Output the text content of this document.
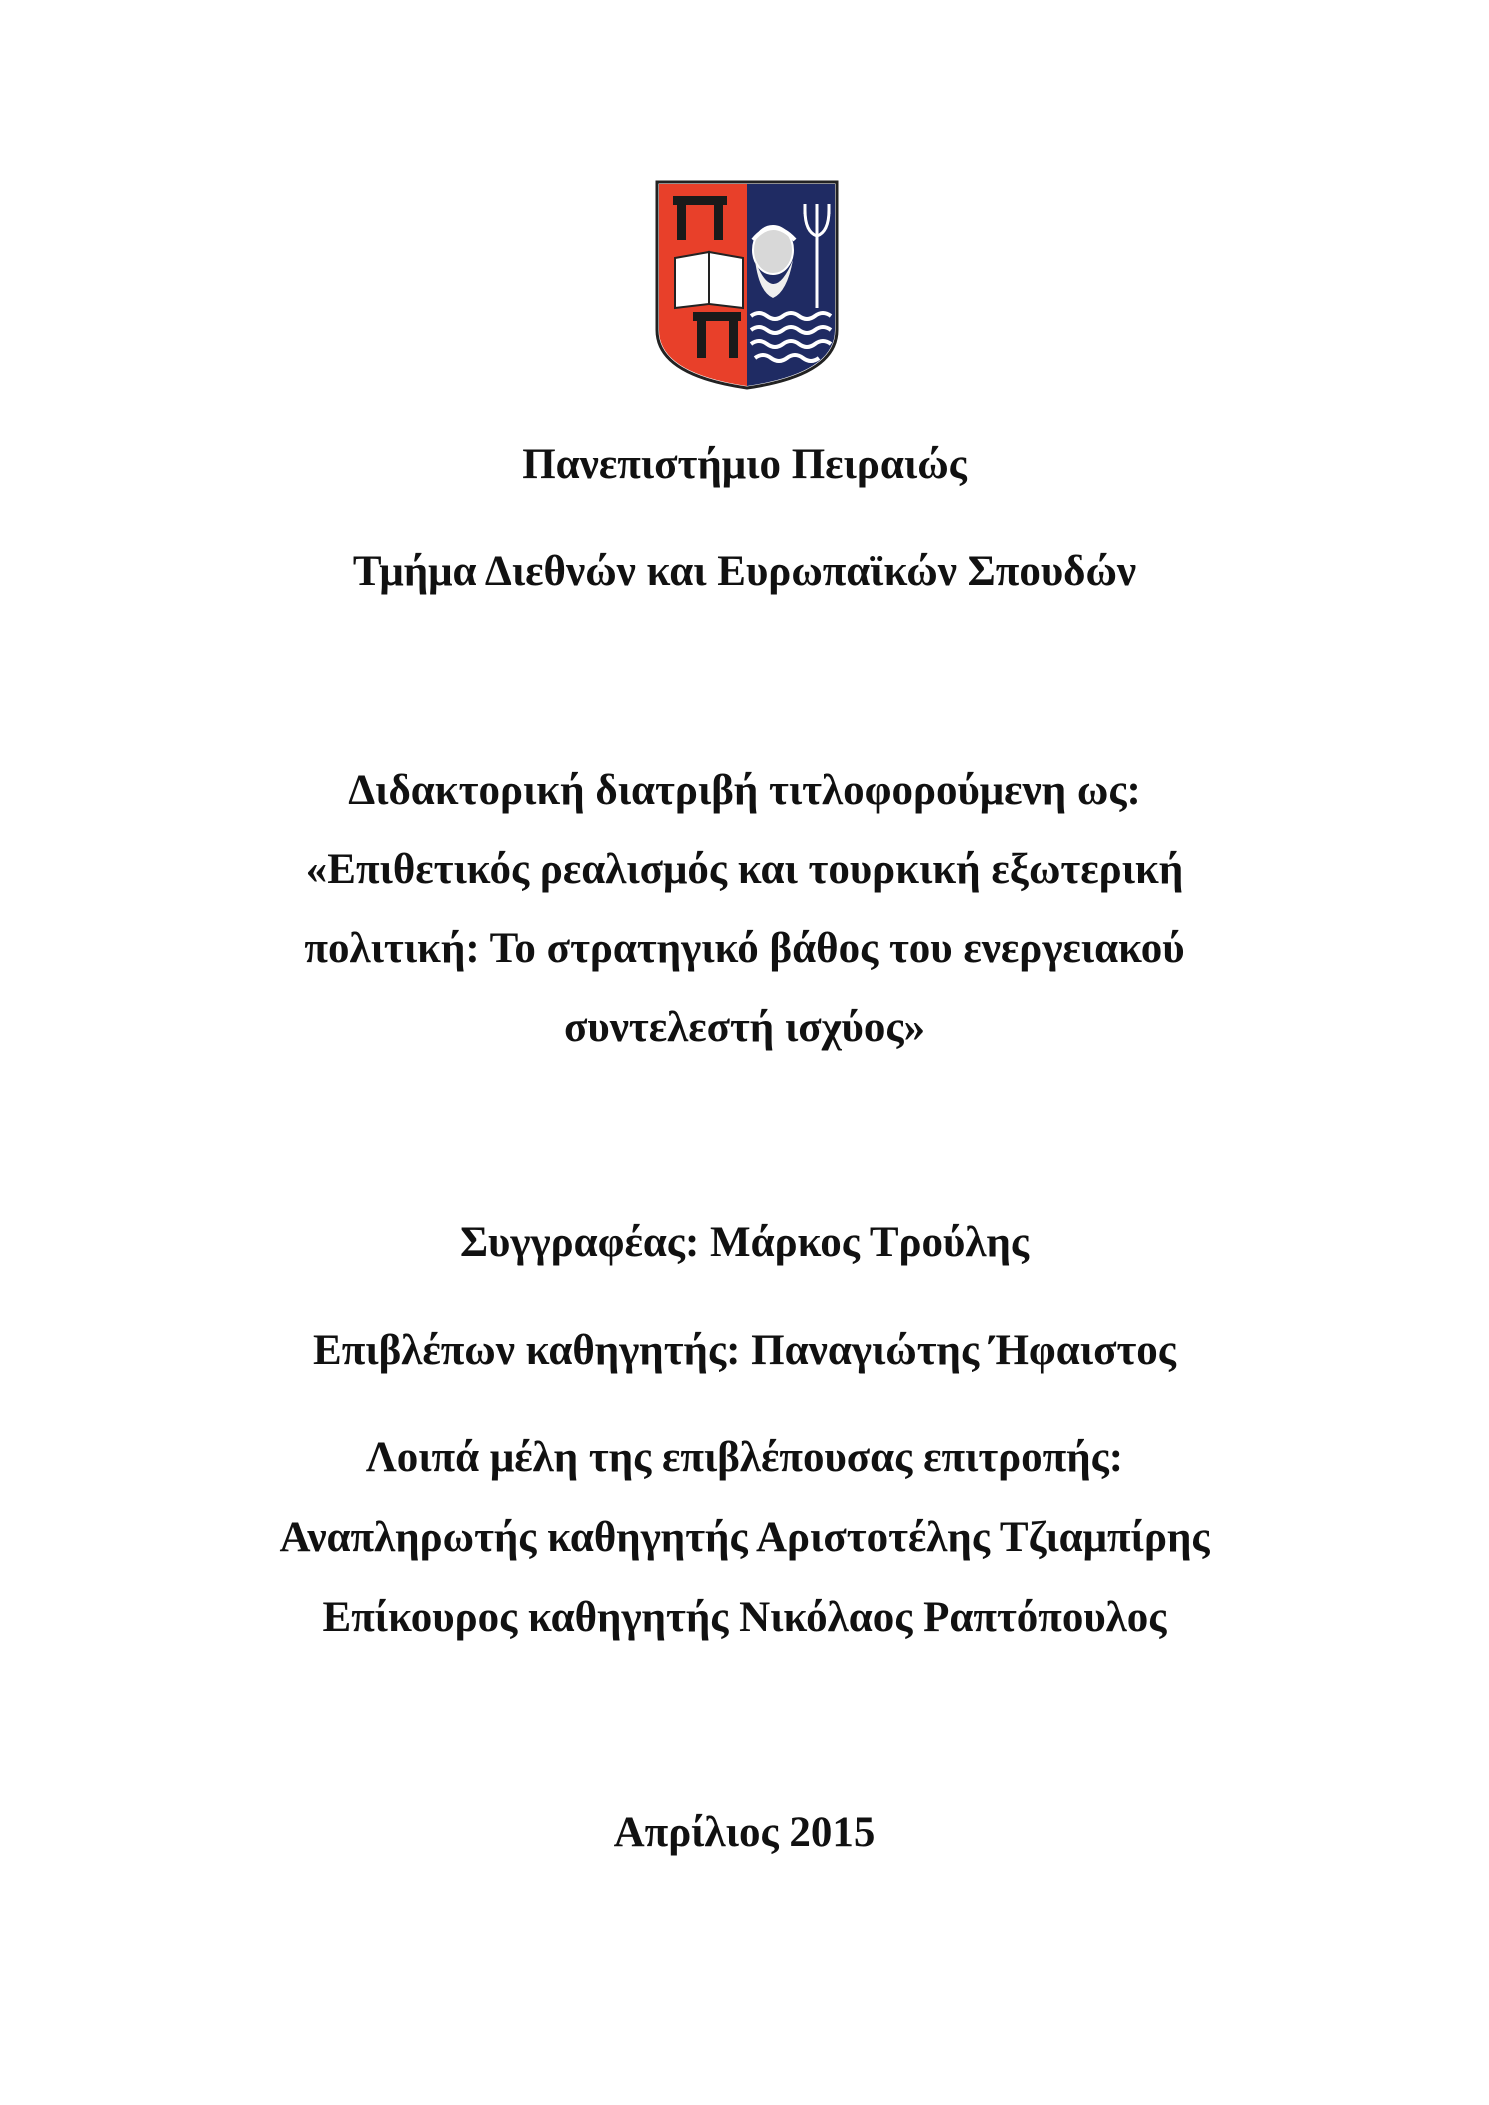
Πανεπιστήμιο Πειραιώς
Τμήμα Διεθνών και Ευρωπαϊκών Σπουδών
Διδακτορική διατριβή τιτλοφορούμενη ως:
«Επιθετικός ρεαλισμός και τουρκική εξωτερική
πολιτική: Το στρατηγικό βάθος του ενεργειακού
συντελεστή ισχύος»
Συγγραφέας: Μάρκος Τρούλης
Επιβλέπων καθηγητής: Παναγιώτης Ήφαιστος
Λοιπά μέλη της επιβλέπουσας επιτροπής:
Αναπληρωτής καθηγητής Αριστοτέλης Τζιαμπίρης
Επίκουρος καθηγητής Νικόλαος Ραπτόπουλος
Απρίλιος 2015
